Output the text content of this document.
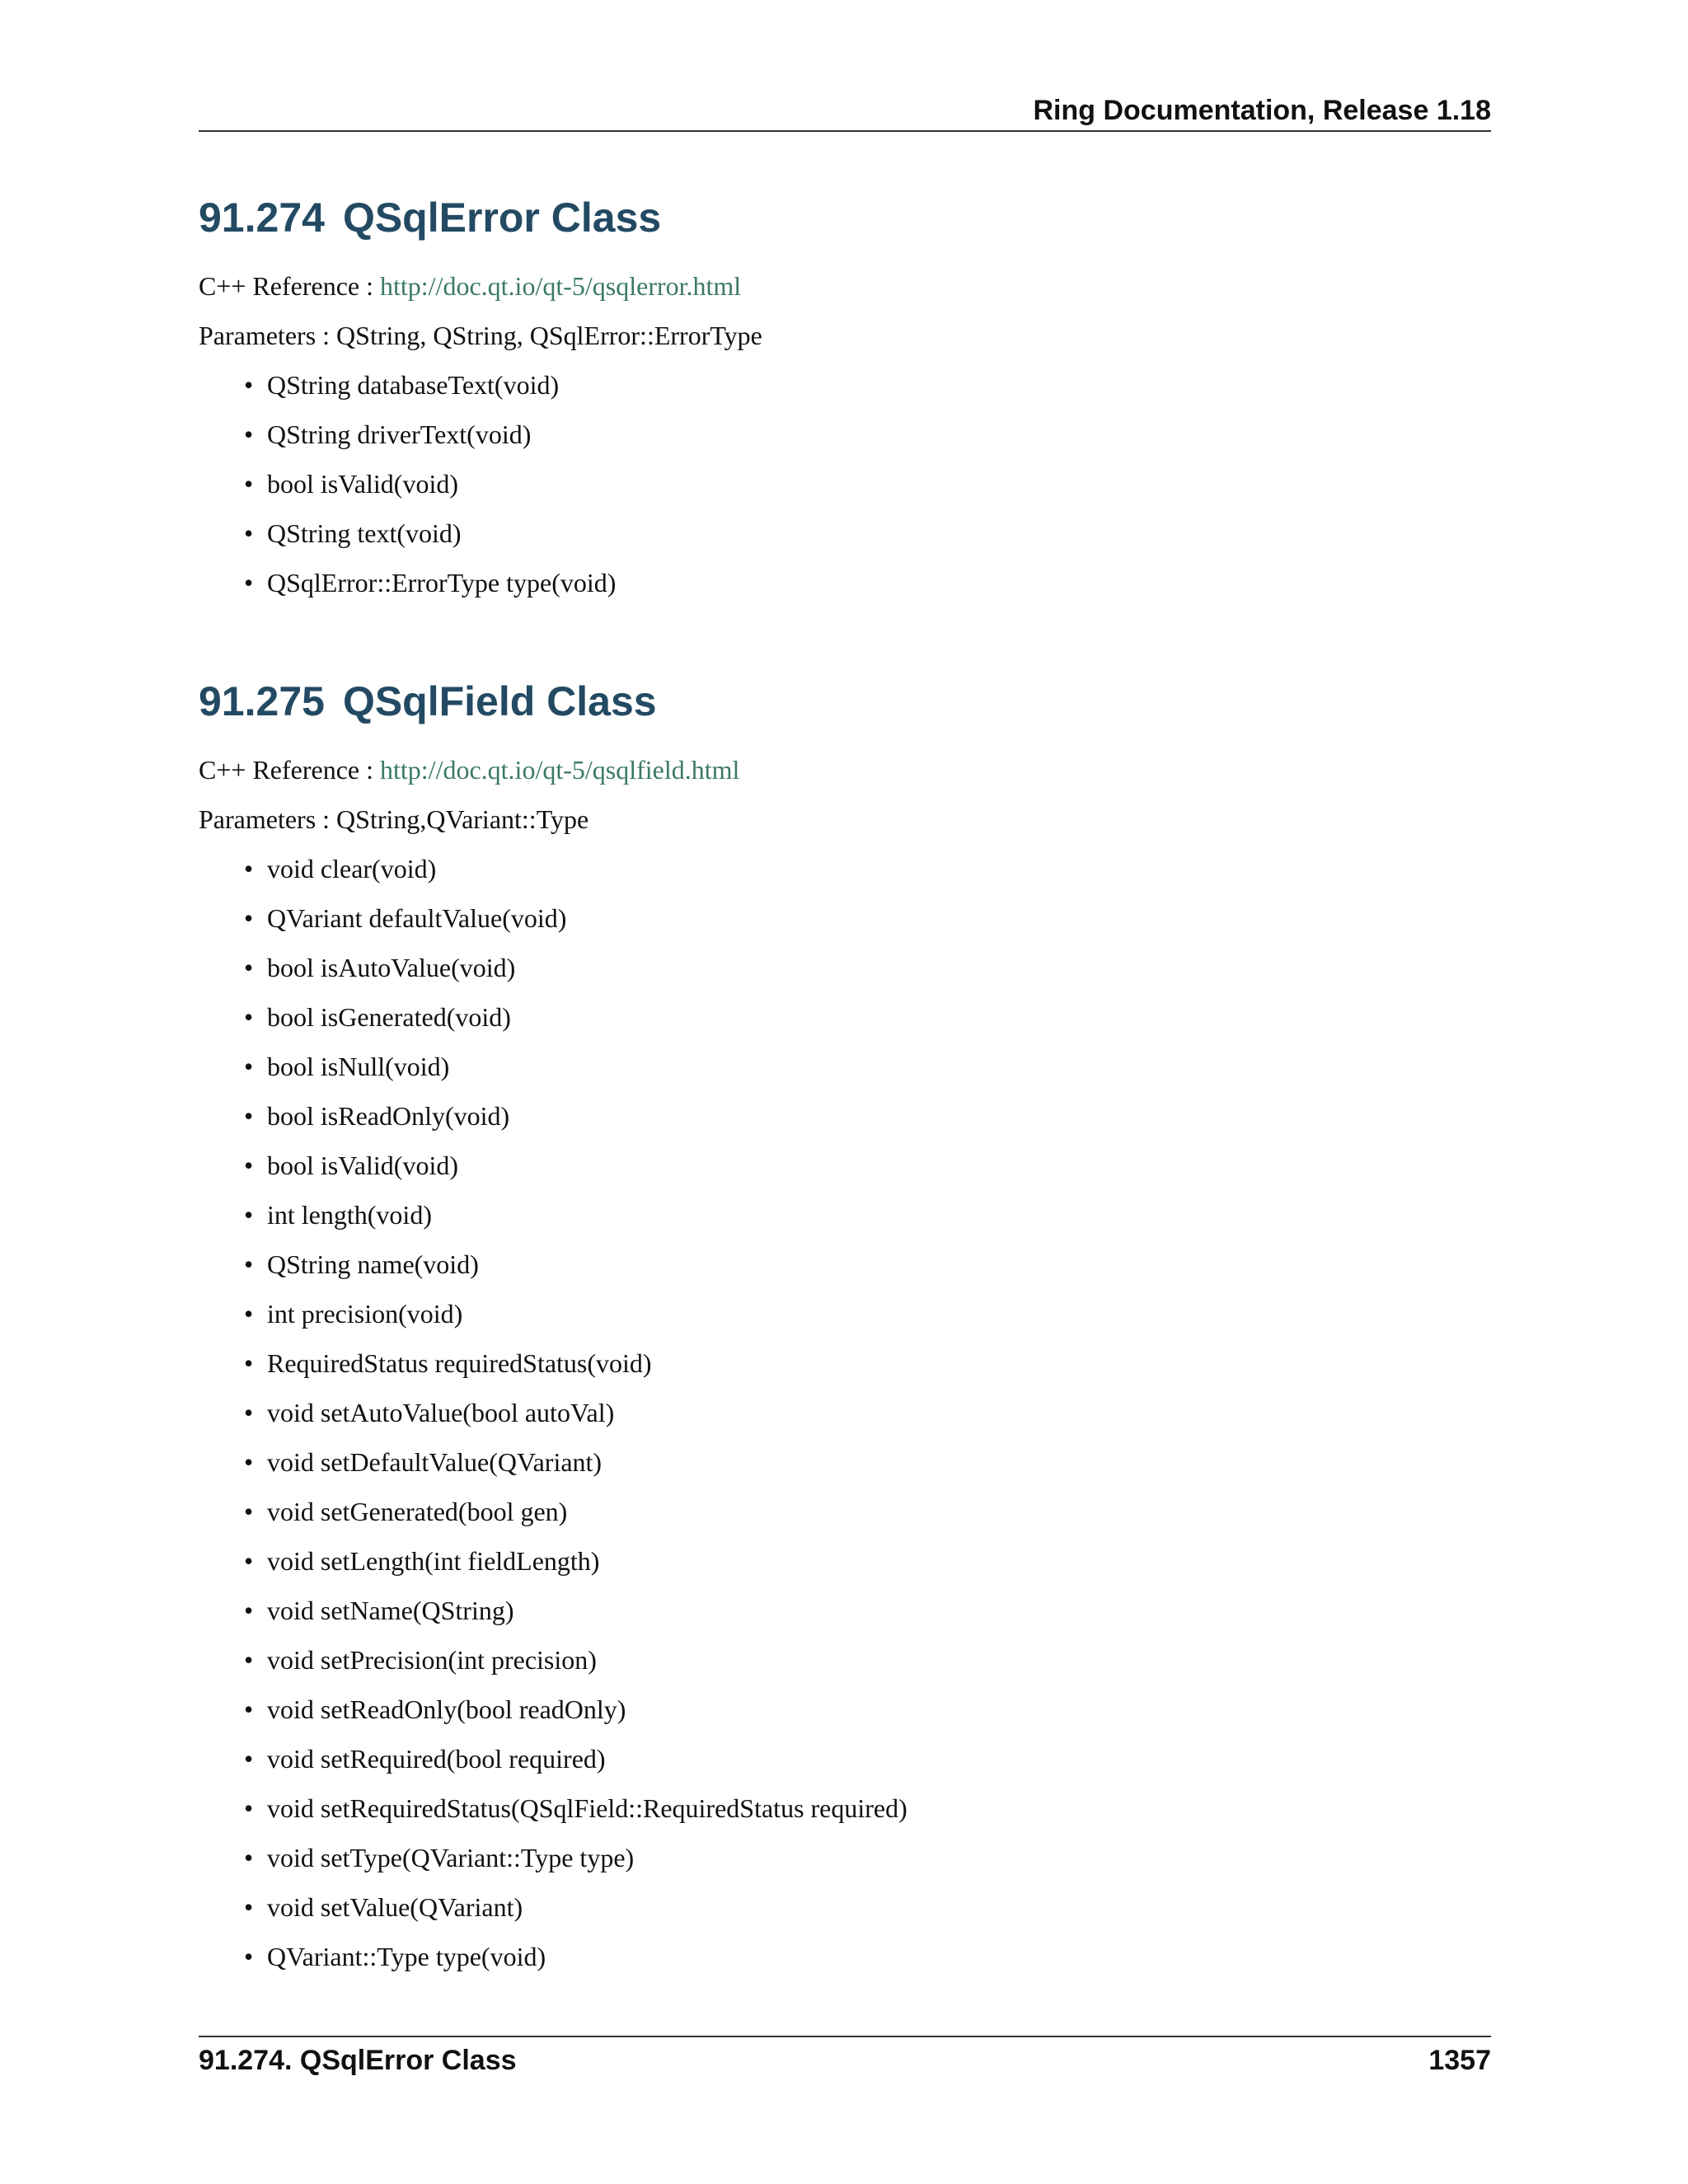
Ring Documentation, Release 1.18
91.274 QSqlError Class

C++ Reference : http://doc.qt.io/qt-5/qsqlerror.html

Parameters : QString, QString, QSqlError::ErrorType

• QString databaseText(void)
• QString driverText(void)
• bool isValid(void)
• QString text(void)
• QSqlError::ErrorType type(void)
91.275 QSqlField Class

C++ Reference : http://doc.qt.io/qt-5/qsqlfield.html

Parameters : QString,QVariant::Type

• void clear(void)
• QVariant defaultValue(void)
• bool isAutoValue(void)
• bool isGenerated(void)
• bool isNull(void)
• bool isReadOnly(void)
• bool isValid(void)
• int length(void)
• QString name(void)
• int precision(void)
• RequiredStatus requiredStatus(void)
• void setAutoValue(bool autoVal)
• void setDefaultValue(QVariant)
• void setGenerated(bool gen)
• void setLength(int fieldLength)
• void setName(QString)
• void setPrecision(int precision)
• void setReadOnly(bool readOnly)
• void setRequired(bool required)
• void setRequiredStatus(QSqlField::RequiredStatus required)
• void setType(QVariant::Type type)
• void setValue(QVariant)
• QVariant::Type type(void)
91.274. QSqlError Class	1357
